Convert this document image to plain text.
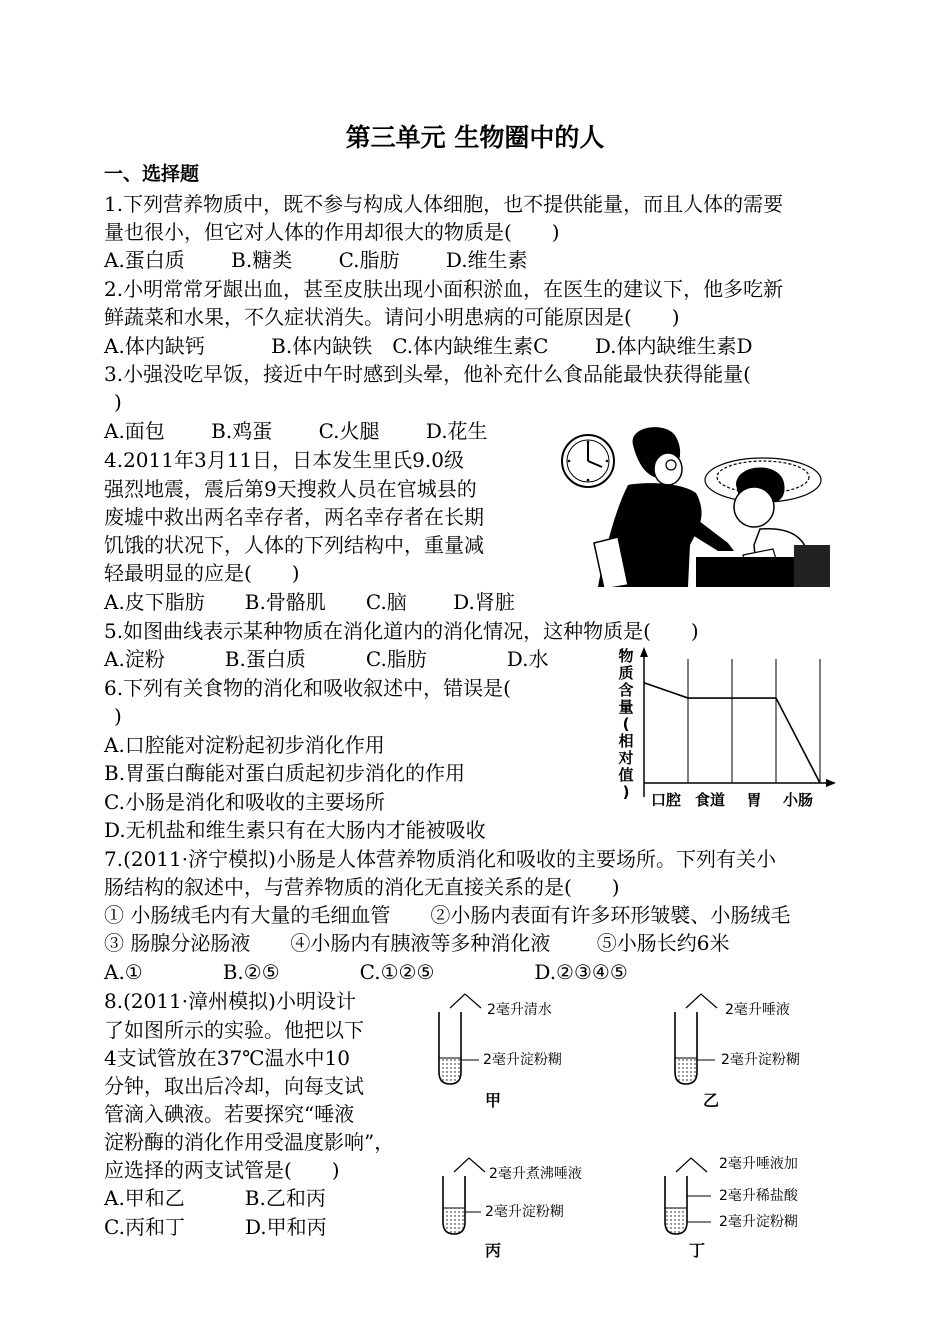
第三单元 生物圈中的人
一、选择题
1.下列营养物质中，既不参与构成人体细胞，也不提供能量，而且人体的需要
量也很小，但它对人体的作用却很大的物质是(　　)
A.蛋白质　　 B.糖类　　 C.脂肪　　 D.维生素
2.小明常常牙龈出血，甚至皮肤出现小面积淤血，在医生的建议下，他多吃新
鲜蔬菜和水果，不久症状消失。请问小明患病的可能原因是(　　)
A.体内缺钙　　　 B.体内缺铁　C.体内缺维生素C　　 D.体内缺维生素D
3.小强没吃早饭，接近中午时感到头晕，他补充什么食品能最快获得能量(
)
A.面包　　 B.鸡蛋　　 C.火腿　　 D.花生
4.2011年3月11日，日本发生里氏9.0级
强烈地震，震后第9天搜救人员在官城县的
废墟中救出两名幸存者，两名幸存者在长期
饥饿的状况下，人体的下列结构中，重量减
轻最明显的应是(　　)
A.皮下脂肪　　B.骨骼肌　　C.脑　　 D.肾脏
5.如图曲线表示某种物质在消化道内的消化情况，这种物质是(　　)
A.淀粉　　　B.蛋白质　　　C.脂肪　　　　D.水
6.下列有关食物的消化和吸收叙述中，错误是(
)
A.口腔能对淀粉起初步消化作用
B.胃蛋白酶能对蛋白质起初步消化的作用
C.小肠是消化和吸收的主要场所
D.无机盐和维生素只有在大肠内才能被吸收
物
质
含
量
(
相
对
值
) 口腔 食道 胃 小肠
7.(2011·济宁模拟)小肠是人体营养物质消化和吸收的主要场所。下列有关小
肠结构的叙述中，与营养物质的消化无直接关系的是(　　)
① 小肠绒毛内有大量的毛细血管　　②小肠内表面有许多环形皱襞、小肠绒毛
③ 肠腺分泌肠液　　④小肠内有胰液等多种消化液　　 ⑤小肠长约6米
A.①　　　　B.②⑤　　　　C.①②⑤　　　　　D.②③④⑤
8.(2011·漳州模拟)小明设计
了如图所示的实验。他把以下
4支试管放在37℃温水中10
分钟，取出后冷却，向每支试
管滴入碘液。若要探究“唾液
淀粉酶的消化作用受温度影响”，
应选择的两支试管是(　　)
A.甲和乙　　　B.乙和丙
C.丙和丁　　　D.甲和丙
2毫升清水
2毫升淀粉糊
甲
2毫升唾液
2毫升淀粉糊
乙
2毫升煮沸唾液
2毫升淀粉糊
丙
2毫升唾液加
2毫升稀盐酸
2毫升淀粉糊
丁
